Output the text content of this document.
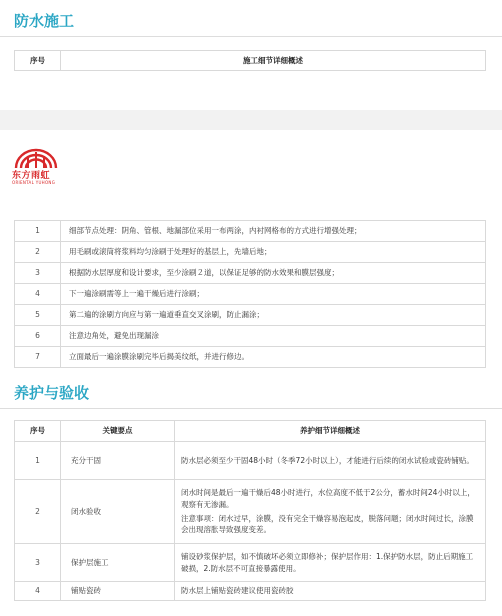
防水施工
序号	施工细节详细概述
东方雨虹
ORIENTAL YUHONG
1	细部节点处理：阴角、管根、地漏部位采用一布两涂，内衬网格布的方式进行增强处理；
2	用毛刷或滚筒将浆料均匀涂刷于处理好的基层上，先墙后地；
3	根据防水层厚度和设计要求，至少涂刷２道，以保证足够的防水效果和膜层强度；
4	下一遍涂刷需等上一遍干燥后进行涂刷；
5	第二遍的涂刷方向应与第一遍道垂直交叉涂刷，防止漏涂；
6	注意边角处，避免出现漏涂
7	立面最后一遍涂膜涂刷完毕后揭美纹纸，并进行修边。
养护与验收
序号	关键要点	养护细节详细概述
1	充分干固	防水层必须至少干固48小时（冬季72小时以上），才能进行后续的闭水试验或瓷砖铺贴。

2	闭水验收	闭水时间是最后一遍干燥后48小时进行，水位高度不低于2公分，蓄水时间24小时以上，观察有无渗漏。

注意事项：闭水过早，涂膜，没有完全干燥容易泡起皮，脱落问题；闭水时间过长，涂膜会出现溶胀导致强度变差。

3	保护层施工	铺设砂浆保护层，如不慎破坏必须立即修补；保护层作用：1.保护防水层，防止后期施工破损，2.防水层不可直接暴露使用。

4	铺贴瓷砖	防水层上铺贴瓷砖建议使用瓷砖胶
